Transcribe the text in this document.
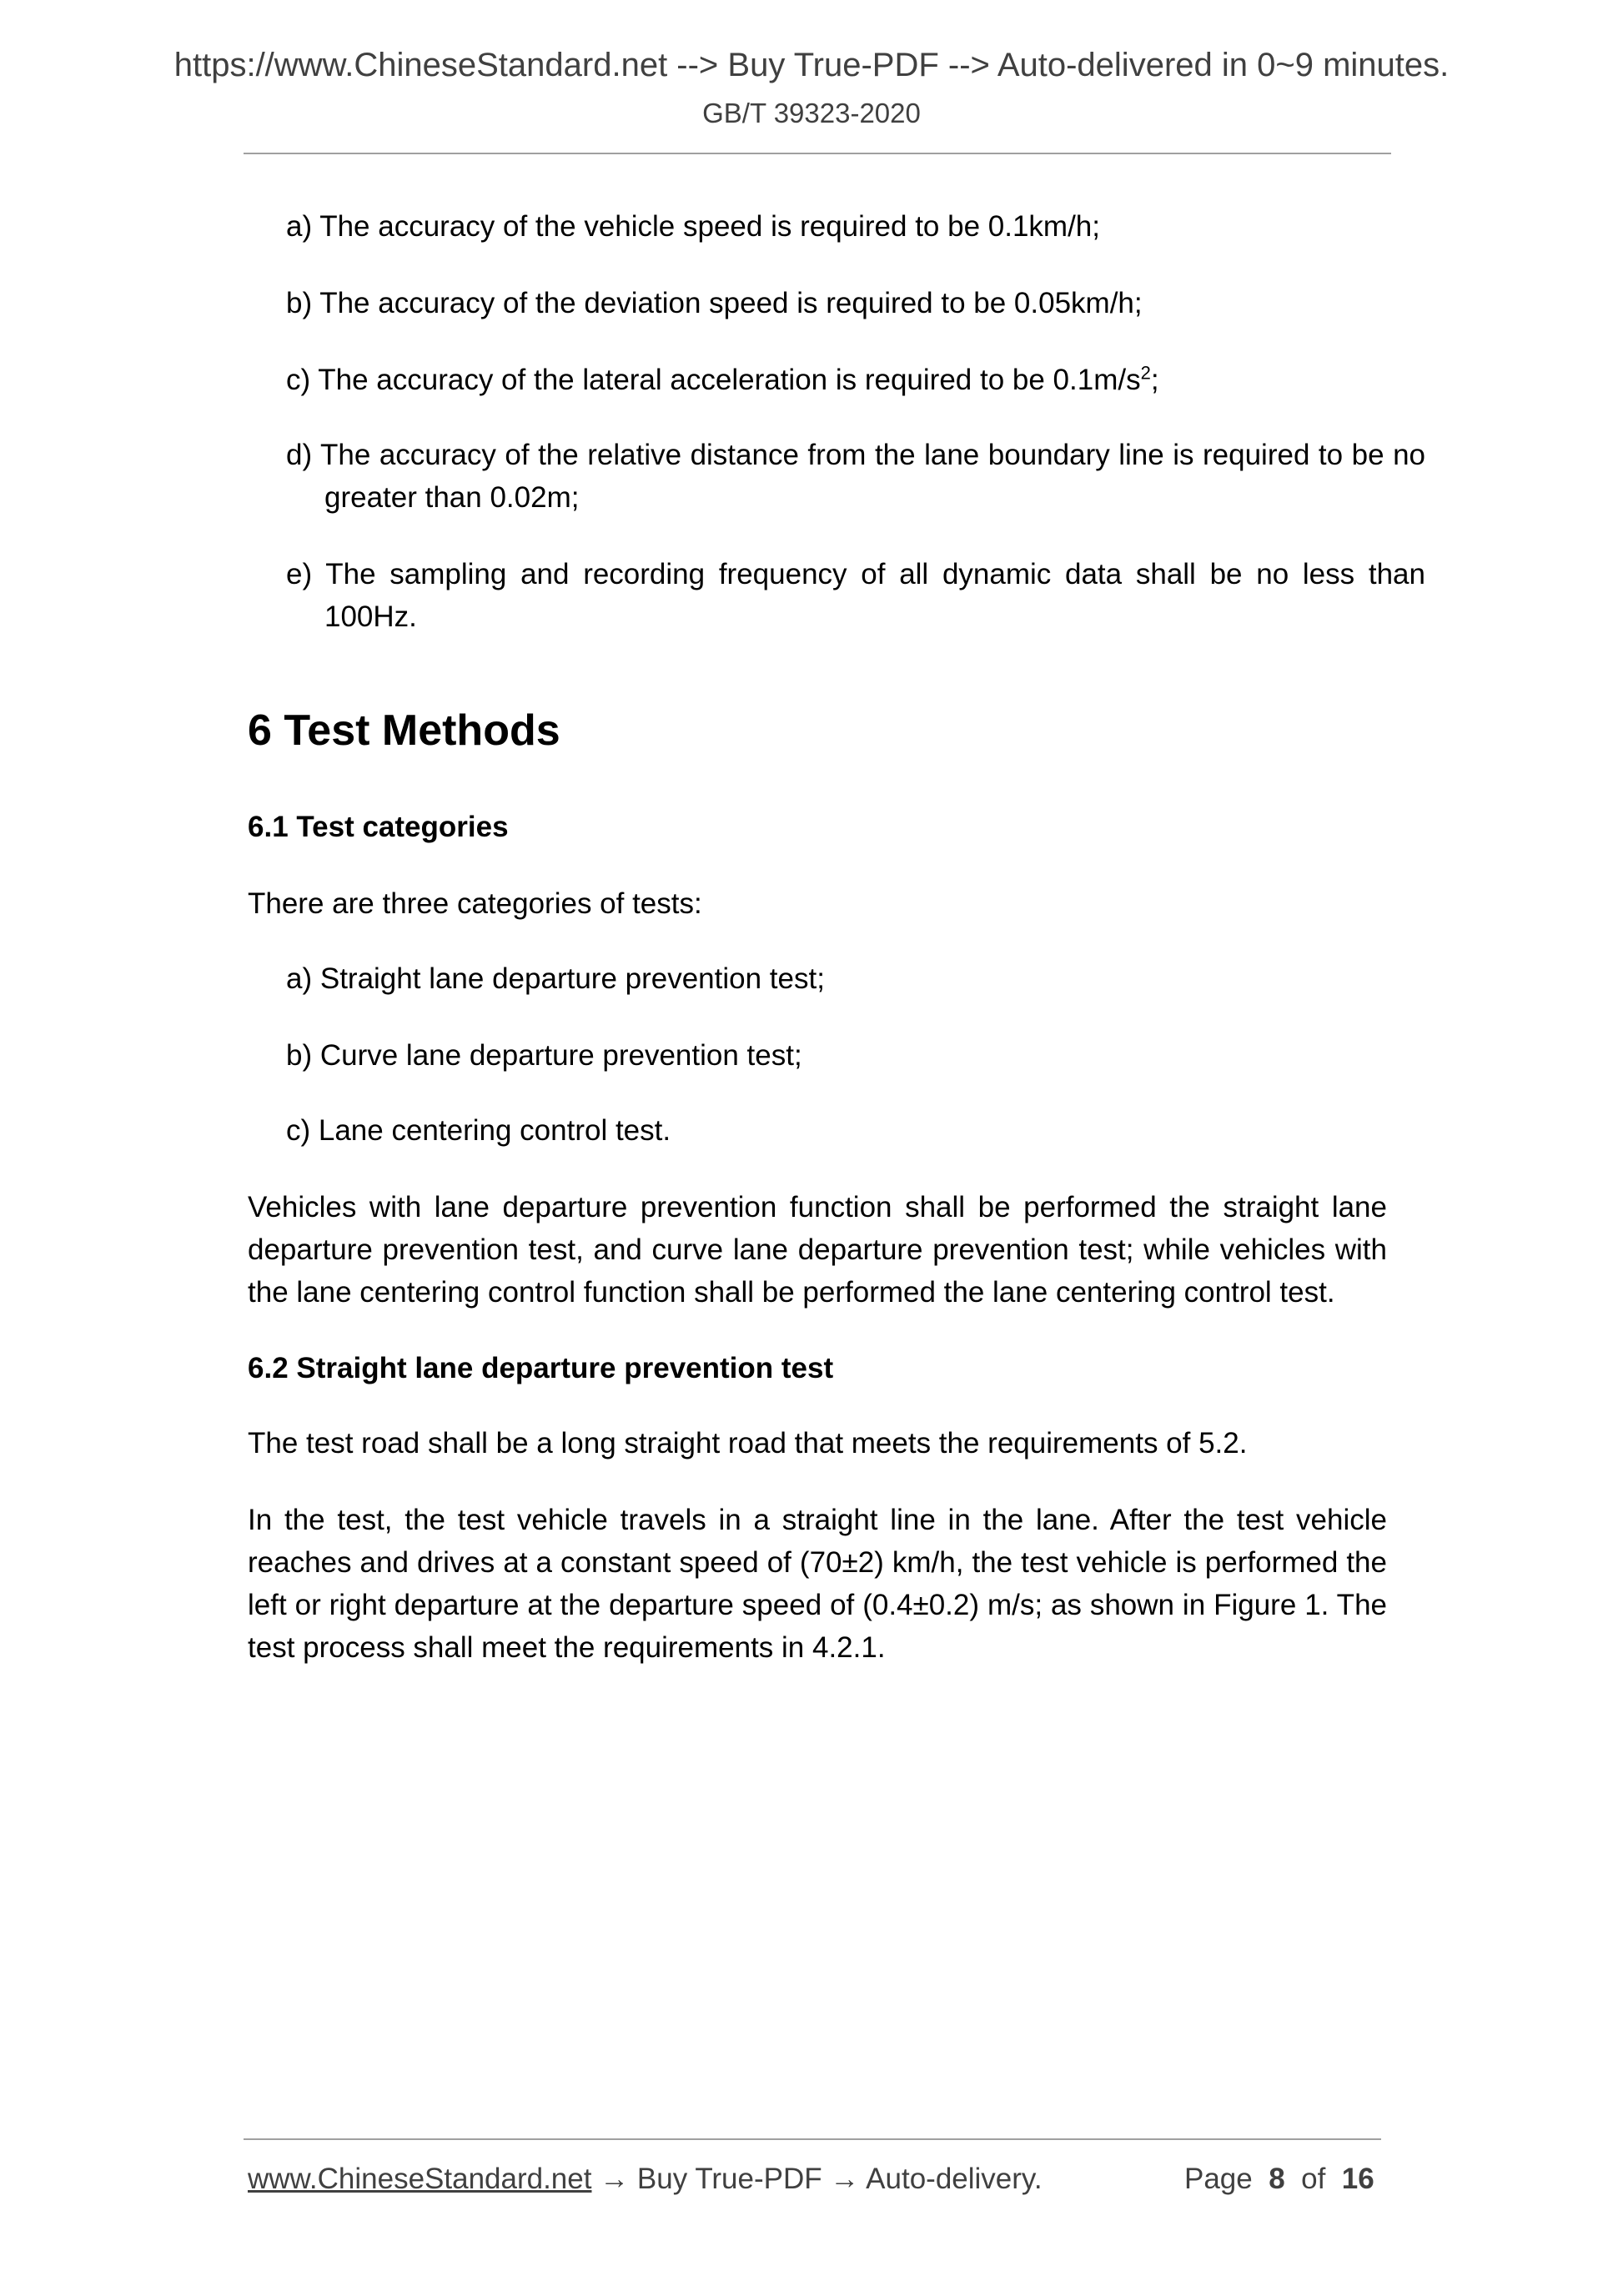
https://www.ChineseStandard.net --> Buy True-PDF --> Auto-delivered in 0~9 minutes.
GB/T 39323-2020
a) The accuracy of the vehicle speed is required to be 0.1km/h;
b) The accuracy of the deviation speed is required to be 0.05km/h;
c) The accuracy of the lateral acceleration is required to be $0.1m/s^2$;
d) The accuracy of the relative distance from the lane boundary line is required to be no greater than 0.02m;
e) The sampling and recording frequency of all dynamic data shall be no less than 100Hz.
6 Test Methods
6.1 Test categories
There are three categories of tests:
a) Straight lane departure prevention test;
b) Curve lane departure prevention test;
c) Lane centering control test.
Vehicles with lane departure prevention function shall be performed the straight lane departure prevention test, and curve lane departure prevention test; while vehicles with the lane centering control function shall be performed the lane centering control test.
6.2 Straight lane departure prevention test
The test road shall be a long straight road that meets the requirements of 5.2.
In the test, the test vehicle travels in a straight line in the lane. After the test vehicle reaches and drives at a constant speed of (70±2) km/h, the test vehicle is performed the left or right departure at the departure speed of (0.4±0.2) m/s; as shown in Figure 1. The test process shall meet the requirements in 4.2.1.
www.ChineseStandard.net → Buy True-PDF → Auto-delivery.	Page 8 of 16
